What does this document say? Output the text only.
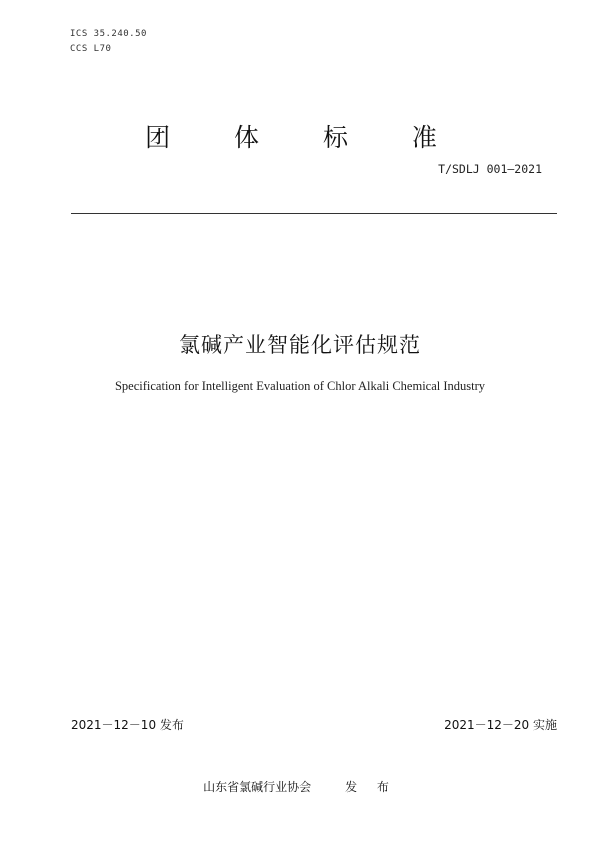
ICS 35.240.50
CCS L70
团 体 标 准
T/SDLJ 001—2021
氯碱产业智能化评估规范
Specification for Intelligent Evaluation of Chlor Alkali Chemical Industry
2021－12－10 发布	2021－12－20 实施
山东省氯碱行业协会	发 布
